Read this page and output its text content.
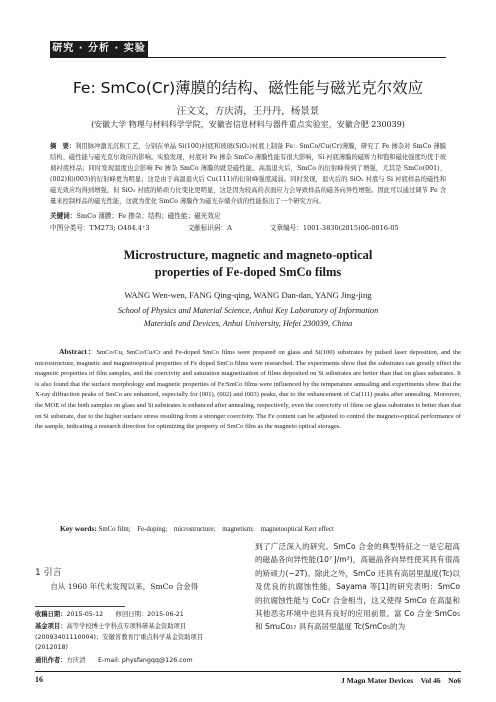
研究 · 分析 · 实验
Fe: SmCo(Cr)薄膜的结构、磁性能与磁光克尔效应
汪文文，方庆清，王丹丹，杨景景
(安徽大学 物理与材料科学学院，安徽省信息材料与器件重点实验室，安徽合肥 230039)
摘　要：利用脉冲激光沉积工艺，分别在单晶 Si(100)衬底和玻璃(SiO₂)衬底上制备 Fe：SmCo/Cu(Cr)薄膜，研究了 Fe 掺杂对 SmCo 薄膜结构、磁性能与磁光克尔效应的影响。实验发现，衬底对 Fe 掺杂 SmCo 薄膜性能有很大影响，Si 衬底薄膜的磁矫力和饱和磁化强度均优于玻璃衬底样品；同时发现温度也会影响 Fe 掺杂 SmCo 薄膜的就是磁性能。高温退火后，SmCo 的衍射峰得到了增强，尤其是 SmCo(001)、(002)和(003)的衍射峰更为明显；这是由于高温退火后 Cu(111)的衍射峰强度减弱。同时发现，退火后的 SiO₂ 衬底与 Si 衬底样品的磁性和磁光效应均得到增强，但 SiO₂ 衬底的矫顽力比变化更明显，这是因为较高的表面应力会导致样品的磁各向异性增强。因此可以通过调节 Fe 含量来控制样品的磁光性能，这就为优化 SmCo 薄膜作为磁光存储介质的性能指出了一个研究方向。
关键词：SmCo 薄膜；Fe 掺杂；结构；磁性能；磁光效应
中图分类号：TM273; O484.4⁺3	文献标识码：A	文章编号：1001-3830(2015)06-0016-05
Microstructure, magnetic and magneto-optical
properties of Fe-doped SmCo films
WANG Wen-wen, FANG Qing-qing, WANG Dan-dan, YANG Jing-jing
School of Physics and Material Science, Anhui Key Laboratory of Information
Materials and Devices, Anhui University, Hefei 230039, China
Abstract：SmCo/Cu, SmCo/Cu/Cr and Fe-doped SmCo films were prepared on glass and Si(100) substrates by pulsed laser deposition, and the microstructure, magnetic and magnetooptical properties of Fe doped SmCo films were researched. The experiments show that the substrates can greatly effect the magnetic properties of film samples, and the coercivity and saturation magnetization of films deposited on Si substrates are better than that on glass substrates. It is also found that the surface morphology and magnetic properties of Fe:SmCo films were influenced by the temperature annealing and experiments show that the X-ray diffraction peaks of SmCo are enhanced, especially for (001), (002) and (003) peaks, due to the enhancement of Cu(111) peaks after annealing. Moreover, the MOE of the both samples on glass and Si substrates is enhanced after annealing, respectively, even the coercivity of films on glass substrates is better than that on Si substrate, due to the higher surface stress resulting from a stronger coercivity. The Fe content can be adjusted to control the magneto-optical performance of the sample, indicating a research direction for optimizing the property of SmCo film as the magneto optical storages.
Key words: SmCo film;　Fe-doping;　microstructure;　magnetism;　magnetooptical Kerr effect
1 引言
自从 1960 年代末发现以来，SmCo 合金得
收稿日期：2015-05-12　　修回日期：2015-06-21
基金项目：高等学校博士学科点专项科研基金资助项目(20093401110004)；安徽省教育厅重点科学基金资助项目(2012018)
通讯作者：方庆清　　E-mail: physfangqq@126.com
到了广泛深入的研究。SmCo 合金的典型特征之一是它超高的磁晶各向异性能(10⁷ J/m³)，高磁晶各向异性使其具有很高的矫顽力(~2T)。除此之外，SmCo 还具有高居里温度(Tc)以及优良的抗腐蚀性能，Sayama 等[1]的研究表明：SmCo 的抗腐蚀性能与 CoCr 合金相当，这又使得 SmCo 在高温和其他恶劣环境中也具有良好的应用前景。富 Co 合金 SmCo₅ 和 Sm₂Co₁₇ 具有高居里温度 Tc(SmCo₅的为
16	J Magn Mater Devices　Vol 46　No6
